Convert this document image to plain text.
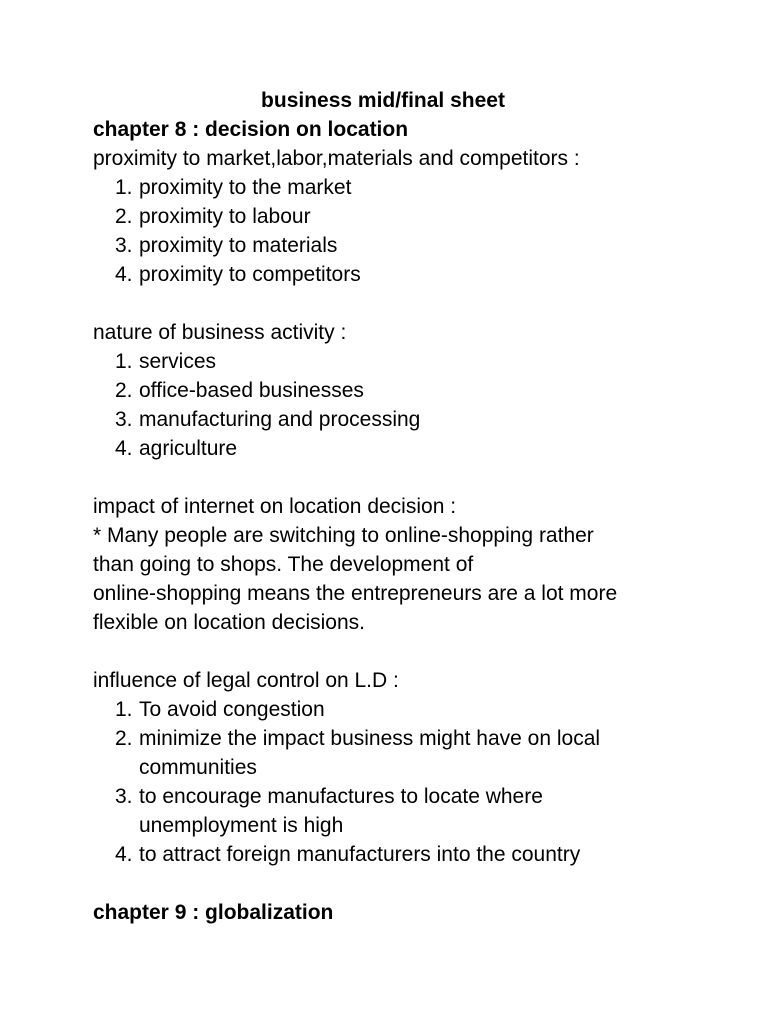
business mid/final sheet

chapter 8 : decision on location

proximity to market,labor,materials and competitors :

1. proximity to the market
2. proximity to labour
3. proximity to materials
4. proximity to competitors

nature of business activity :

1. services
2. office-based businesses
3. manufacturing and processing
4. agriculture

impact of internet on location decision :

* Many people are switching to online-shopping rather

than going to shops. The development of

online-shopping means the entrepreneurs are a lot more

flexible on location decisions.

influence of legal control on L.D :

1. To avoid congestion
2. minimize the impact business might have on local
communities
3. to encourage manufactures to locate where
unemployment is high
4. to attract foreign manufacturers into the country

chapter 9 : globalization
